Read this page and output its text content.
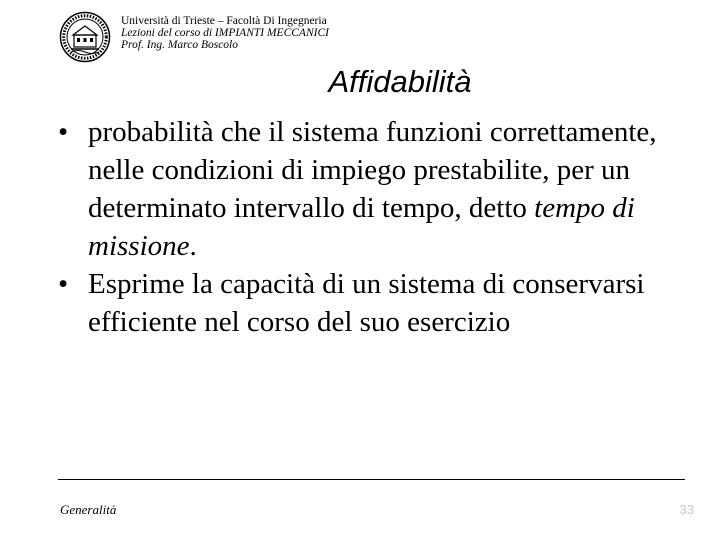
Università di Trieste – Facoltà Di Ingegneria
Lezioni del corso di IMPIANTI MECCANICI
Prof. Ing. Marco Boscolo
Affidabilità
• probabilità che il sistema funzioni correttamente, nelle condizioni di impiego prestabilite, per un determinato intervallo di tempo, detto tempo di missione.
• Esprime la capacità di un sistema di conservarsi efficiente nel corso del suo esercizio
Generalità	33
